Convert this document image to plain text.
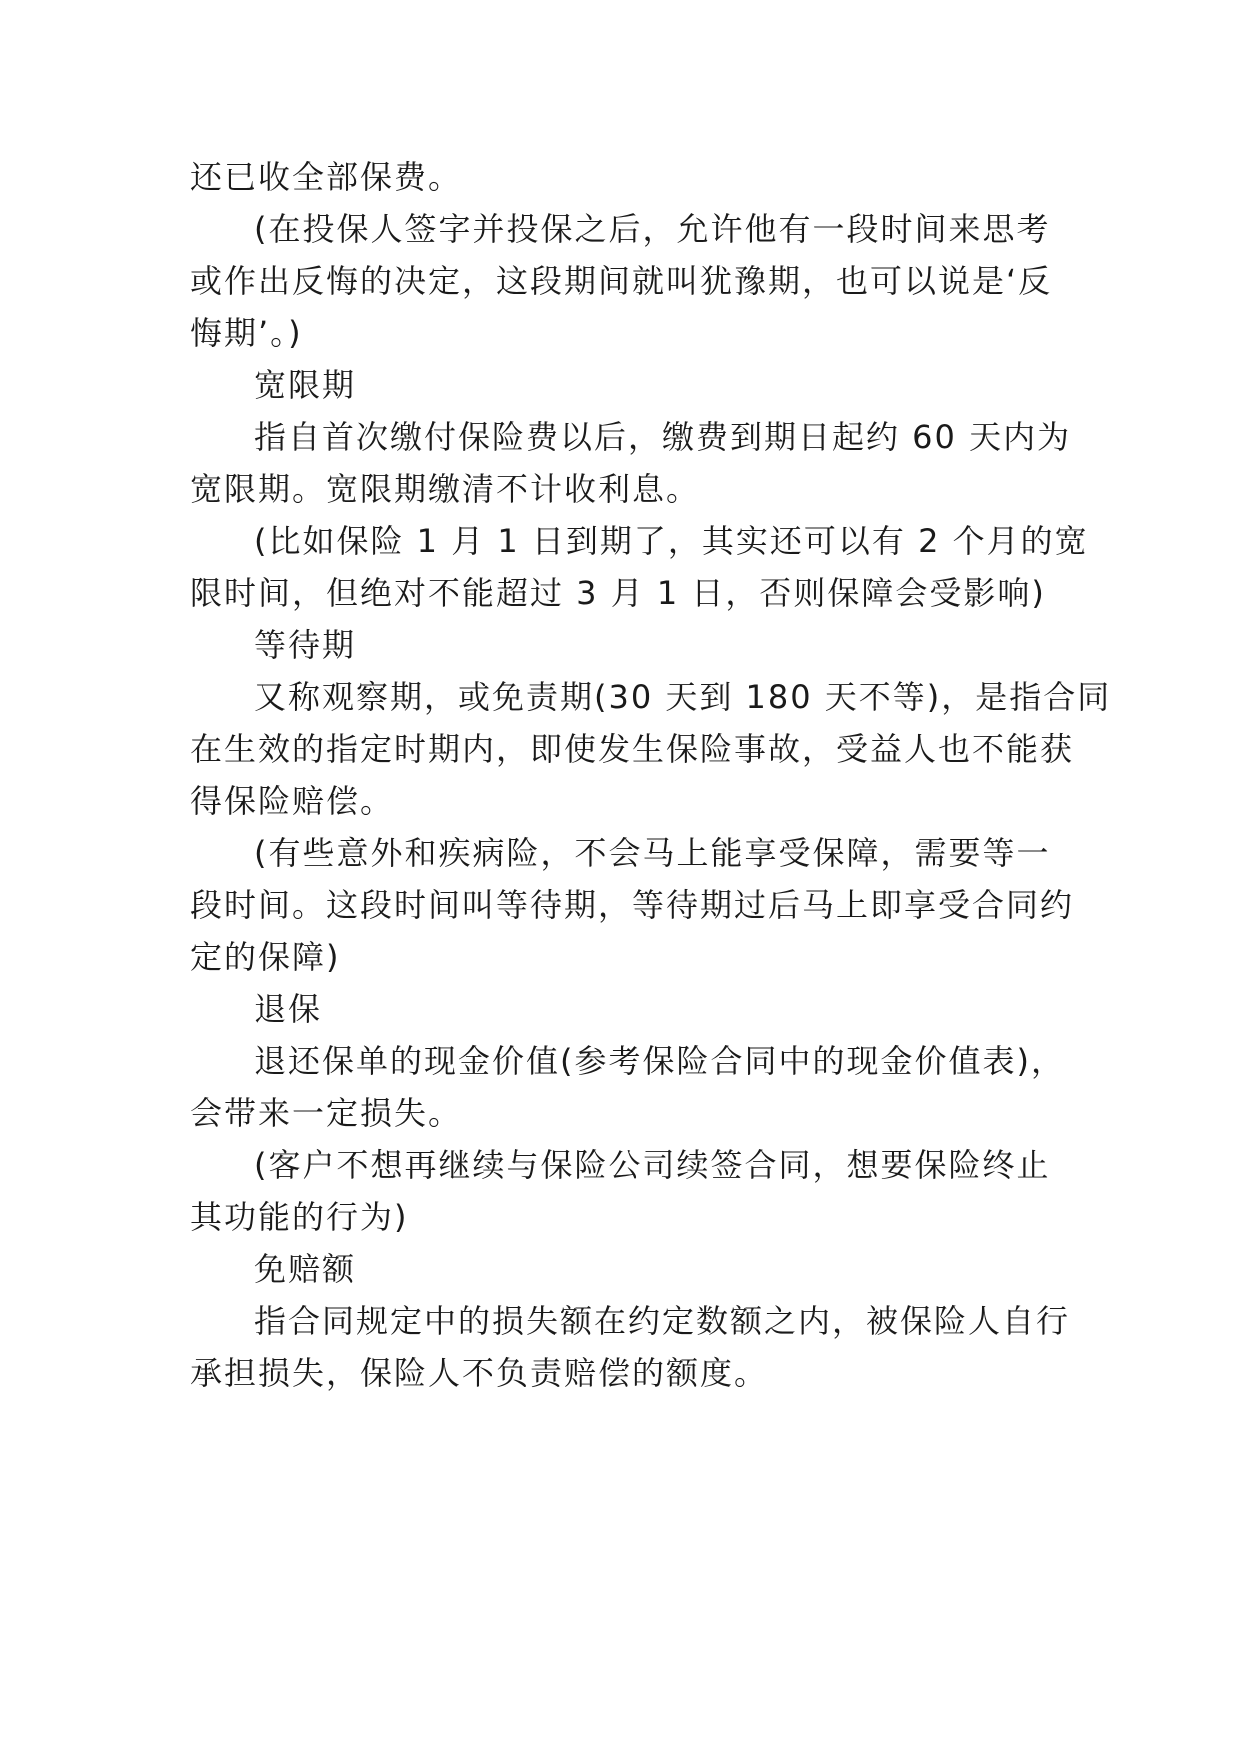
还已收全部保费。
(在投保人签字并投保之后，允许他有一段时间来思考
或作出反悔的决定，这段期间就叫犹豫期，也可以说是‘反
悔期’。)
宽限期
指自首次缴付保险费以后，缴费到期日起约 60 天内为
宽限期。宽限期缴清不计收利息。
(比如保险 1 月 1 日到期了，其实还可以有 2 个月的宽
限时间，但绝对不能超过 3 月 1 日，否则保障会受影响)
等待期
又称观察期，或免责期(30 天到 180 天不等)，是指合同
在生效的指定时期内，即使发生保险事故，受益人也不能获
得保险赔偿。
(有些意外和疾病险，不会马上能享受保障，需要等一
段时间。这段时间叫等待期，等待期过后马上即享受合同约
定的保障)
退保
退还保单的现金价值(参考保险合同中的现金价值表)，
会带来一定损失。
(客户不想再继续与保险公司续签合同，想要保险终止
其功能的行为)
免赔额
指合同规定中的损失额在约定数额之内，被保险人自行
承担损失，保险人不负责赔偿的额度。
